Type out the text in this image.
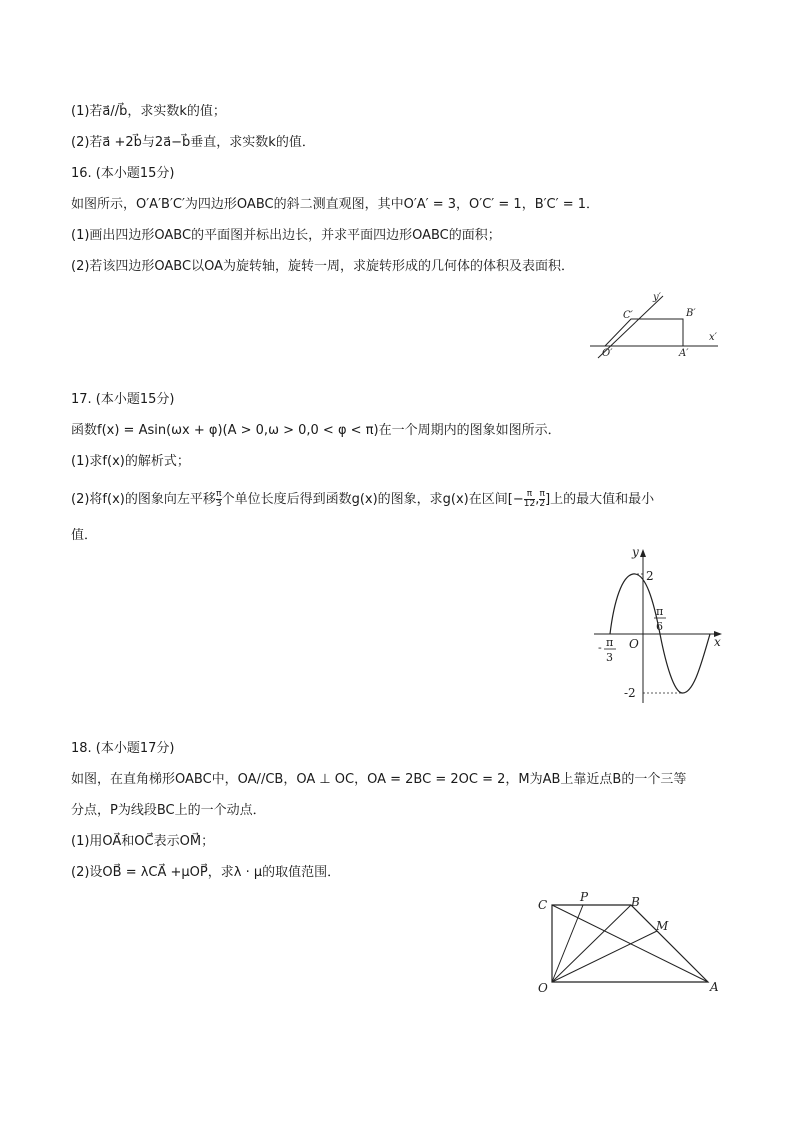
(1)若a⃗//b⃗，求实数k的值；
(2)若a⃗ +2b⃗与2a⃗−b⃗垂直，求实数k的值．
16. (本小题15分)
如图所示，O′A′B′C′为四边形OABC的斜二测直观图，其中O′A′ = 3，O′C′ = 1，B′C′ = 1．
(1)画出四边形OABC的平面图并标出边长，并求平面四边形OABC的面积；
(2)若该四边形OABC以OA为旋转轴，旋转一周，求旋转形成的几何体的体积及表面积．
C′
y′
B′
x′
O′	A′
17. (本小题15分)
函数f(x) = Asin(ωx + φ)(A > 0,ω > 0,0 < φ < π)在一个周期内的图象如图所示．
(1)求f(x)的解析式；
(2)将f(x)的图象向左平移 $\frac{\pi}{3}$ 个单位长度后得到函数g(x)的图象，求g(x)在区间[− $\frac{\pi}{12}$ , $\frac{\pi}{2}$ ]上的最大值和最小
值．
y
2
π
6
x
- π
3
O
-2
18. (本小题17分)
如图，在直角梯形OABC中，OA//CB，OA ⊥ OC，OA = 2BC = 2OC = 2，M为AB上靠近点B的一个三等
分点，P为线段BC上的一个动点．
(1)用OA⃗和OC⃗表示OM⃗；
(2)设OB⃗ = λCA⃗ +μOP⃗，求λ · μ的取值范围．
C
P	B
M
O	A
